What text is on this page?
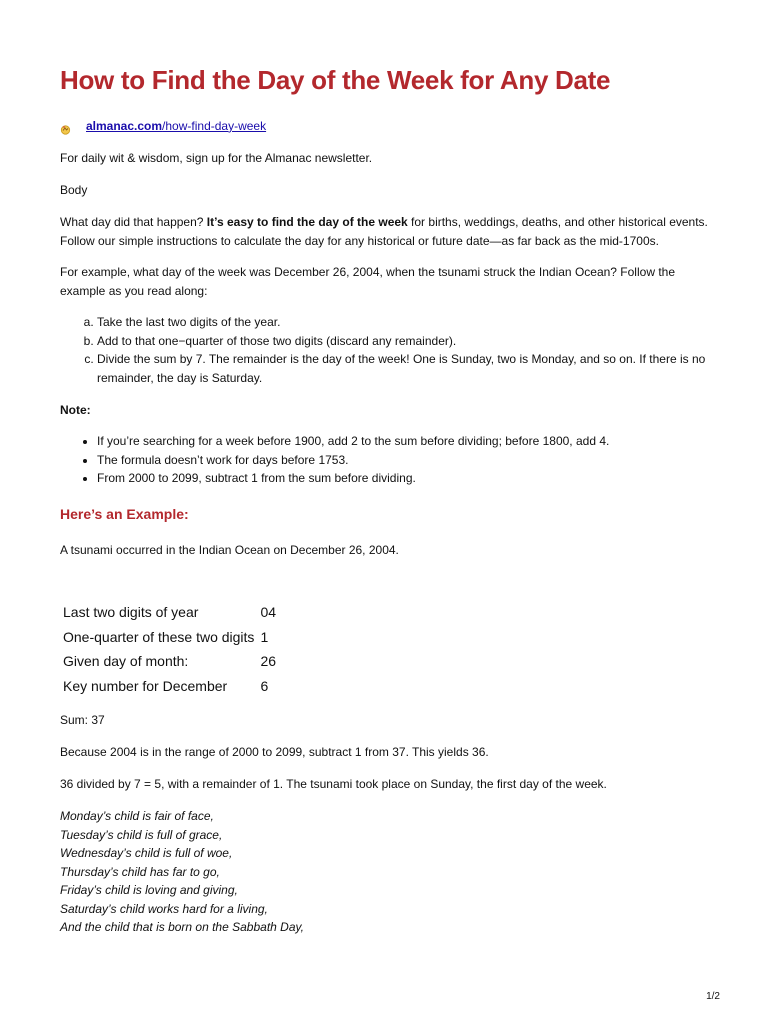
How to Find the Day of the Week for Any Date
almanac.com/how-find-day-week

For daily wit & wisdom, sign up for the Almanac newsletter.

Body

What day did that happen? It’s easy to find the day of the week for births, weddings, deaths, and other historical events. Follow our simple instructions to calculate the day for any historical or future date—as far back as the mid-1700s.

For example, what day of the week was December 26, 2004, when the tsunami struck the Indian Ocean? Follow the example as you read along:

a. Take the last two digits of the year.
b. Add to that one−quarter of those two digits (discard any remainder).
c. Divide the sum by 7. The remainder is the day of the week! One is Sunday, two is Monday, and so on. If there is no remainder, the day is Saturday.

Note:

• If you’re searching for a week before 1900, add 2 to the sum before dividing; before 1800, add 4.
• The formula doesn’t work for days before 1753.
• From 2000 to 2099, subtract 1 from the sum before dividing.
Here’s an Example:

A tsunami occurred in the Indian Ocean on December 26, 2004.

Last two digits of year	04
One-quarter of these two digits	1
Given day of month:	26
Key number for December	6

Sum: 37

Because 2004 is in the range of 2000 to 2099, subtract 1 from 37. This yields 36.

36 divided by 7 = 5, with a remainder of 1. The tsunami took place on Sunday, the first day of the week.

Monday’s child is fair of face,
Tuesday’s child is full of grace,
Wednesday’s child is full of woe,
Thursday’s child has far to go,
Friday’s child is loving and giving,
Saturday’s child works hard for a living,
And the child that is born on the Sabbath Day,
1/2
